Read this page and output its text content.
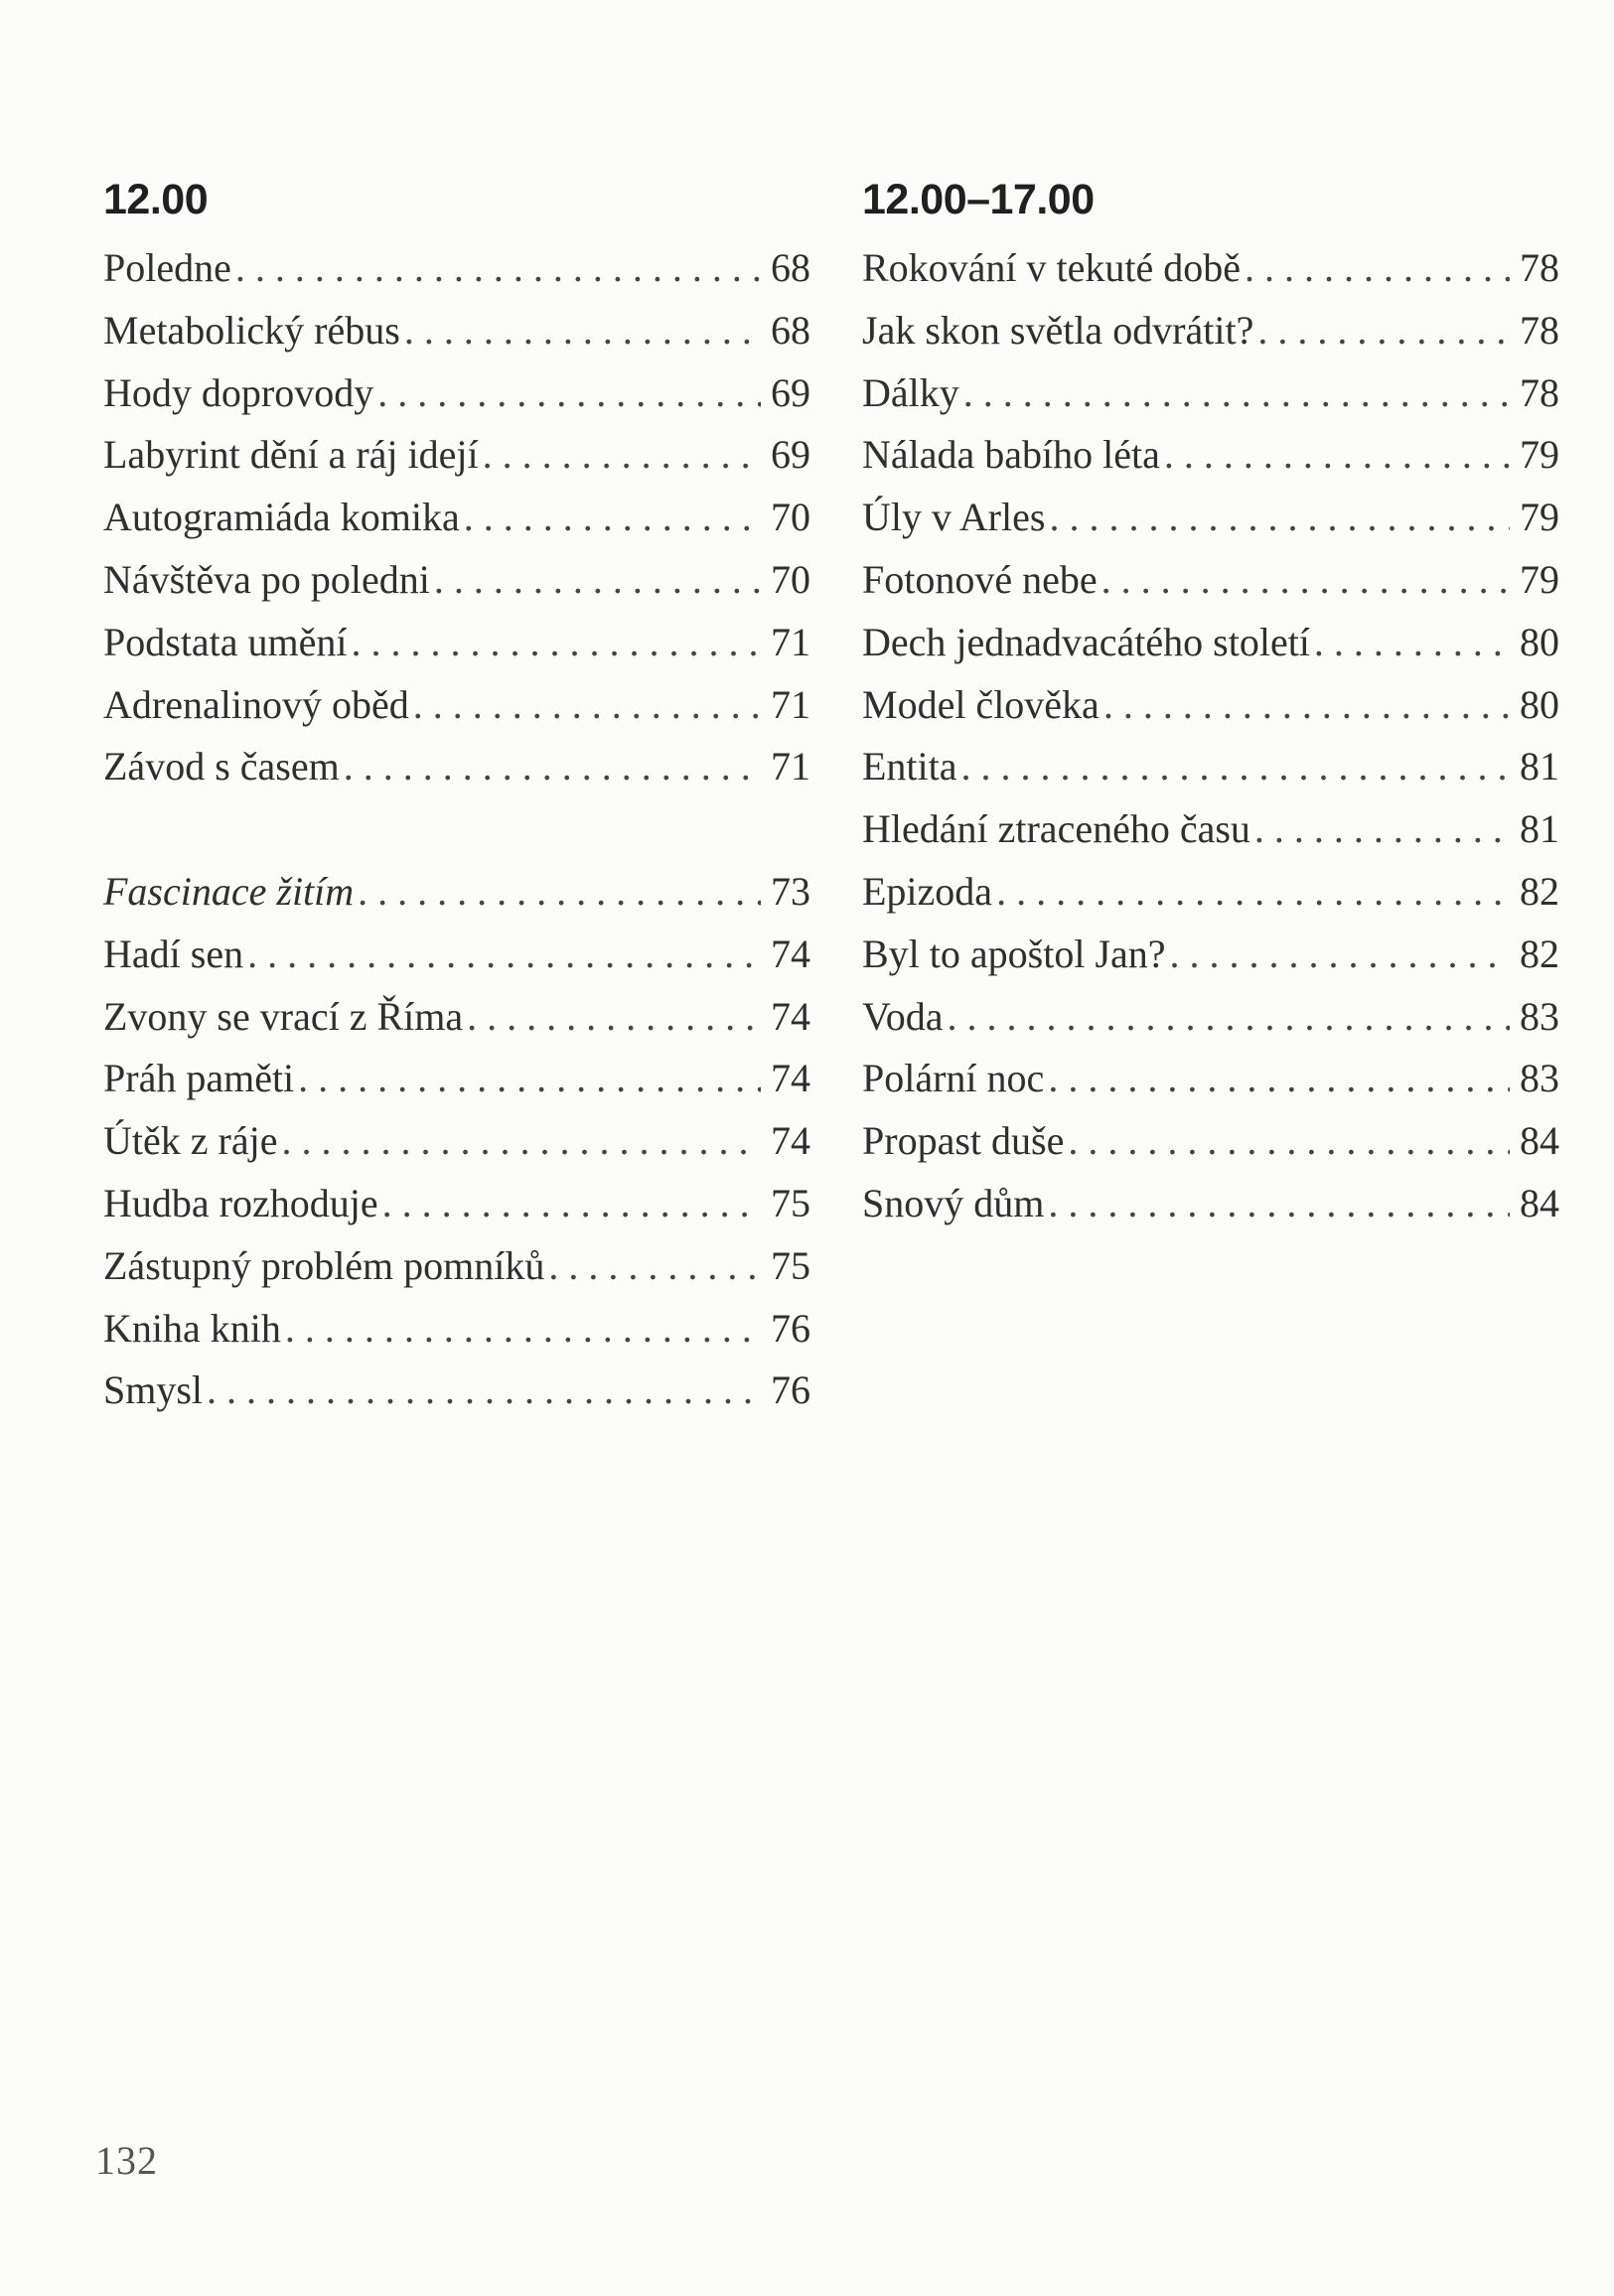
12.00
Poledne . . .	68
Metabolický rébus . . .	68
Hody doprovody . . .	69
Labyrint dění a ráj idejí . . .	69
Autogramiáda komika . . .	70
Návštěva po poledni . . .	70
Podstata umění . . .	71
Adrenalinový oběd . . .	71
Závod s časem . . .	71
Fascinace žitím . . .	73
Hadí sen . . .	74
Zvony se vrací z Říma . . .	74
Práh paměti . . .	74
Útěk z ráje . . .	74
Hudba rozhoduje . . .	75
Zástupný problém pomníků . . .	75
Kniha knih . . .	76
Smysl . . .	76
12.00–17.00
Rokování v tekuté době . . .	78
Jak skon světla odvrátit? . . .	78
Dálky . . .	78
Nálada babího léta . . .	79
Úly v Arles . . .	79
Fotonové nebe . . .	79
Dech jednadvacátého století . . .	80
Model člověka . . .	80
Entita . . .	81
Hledání ztraceného času . . .	81
Epizoda . . .	82
Byl to apoštol Jan? . . .	82
Voda . . .	83
Polární noc . . .	83
Propast duše . . .	84
Snový dům . . .	84
132
